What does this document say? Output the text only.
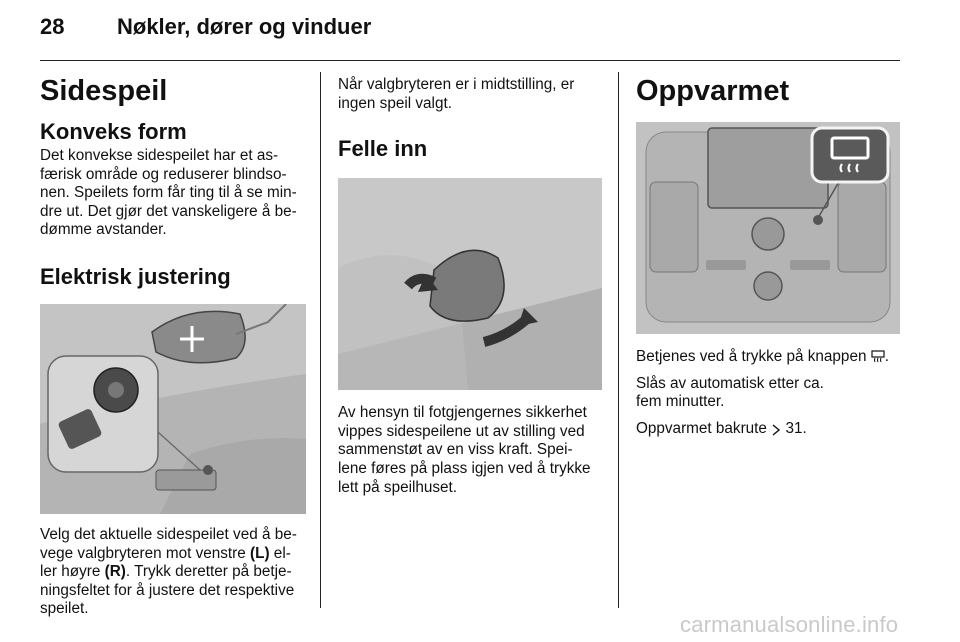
28 Nøkler, dører og vinduer
Sidespeil
Konveks form
Det konvekse sidespeilet har et as-
færisk område og reduserer blindso-
nen. Speilets form får ting til å se min-
dre ut. Det gjør det vanskeligere å be-
dømme avstander.
Elektrisk justering
Velg det aktuelle sidespeilet ved å be-
vege valgbryteren mot venstre (L) el-
ler høyre (R). Trykk deretter på betje-
ningsfeltet for å justere det respektive
speilet.
Når valgbryteren er i midtstilling, er
ingen speil valgt.
Felle inn
Av hensyn til fotgjengernes sikkerhet
vippes sidespeilene ut av stilling ved
sammenstøt av en viss kraft. Spei-
lene føres på plass igjen ved å trykke
lett på speilhuset.
Oppvarmet

Betjenes ved å trykke på knappen .

Slås av automatisk etter ca.
fem minutter.

Oppvarmet bakrute 31.

carmanualsonline.info
